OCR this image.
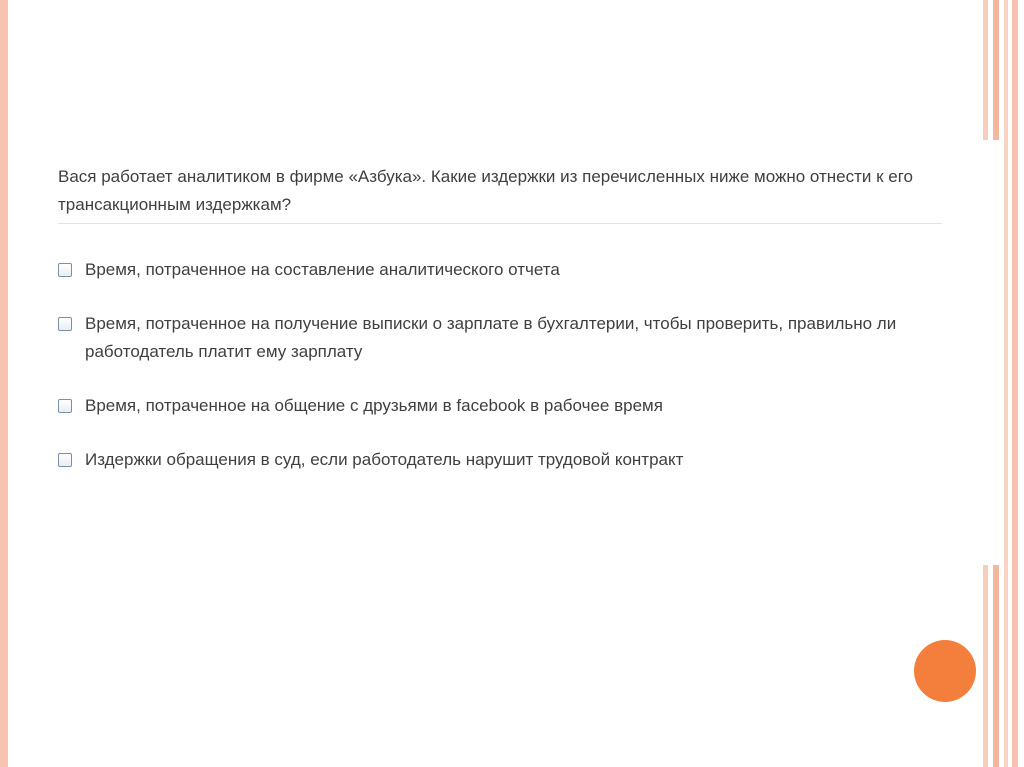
Вася работает аналитиком в фирме «Азбука». Какие издержки из перечисленных ниже можно отнести к его трансакционным издержкам?
Время, потраченное на составление аналитического отчета
Время, потраченное на получение выписки о зарплате в бухгалтерии, чтобы проверить, правильно ли работодатель платит ему зарплату
Время, потраченное на общение с друзьями в facebook в рабочее время
Издержки обращения в суд, если работодатель нарушит трудовой контракт
